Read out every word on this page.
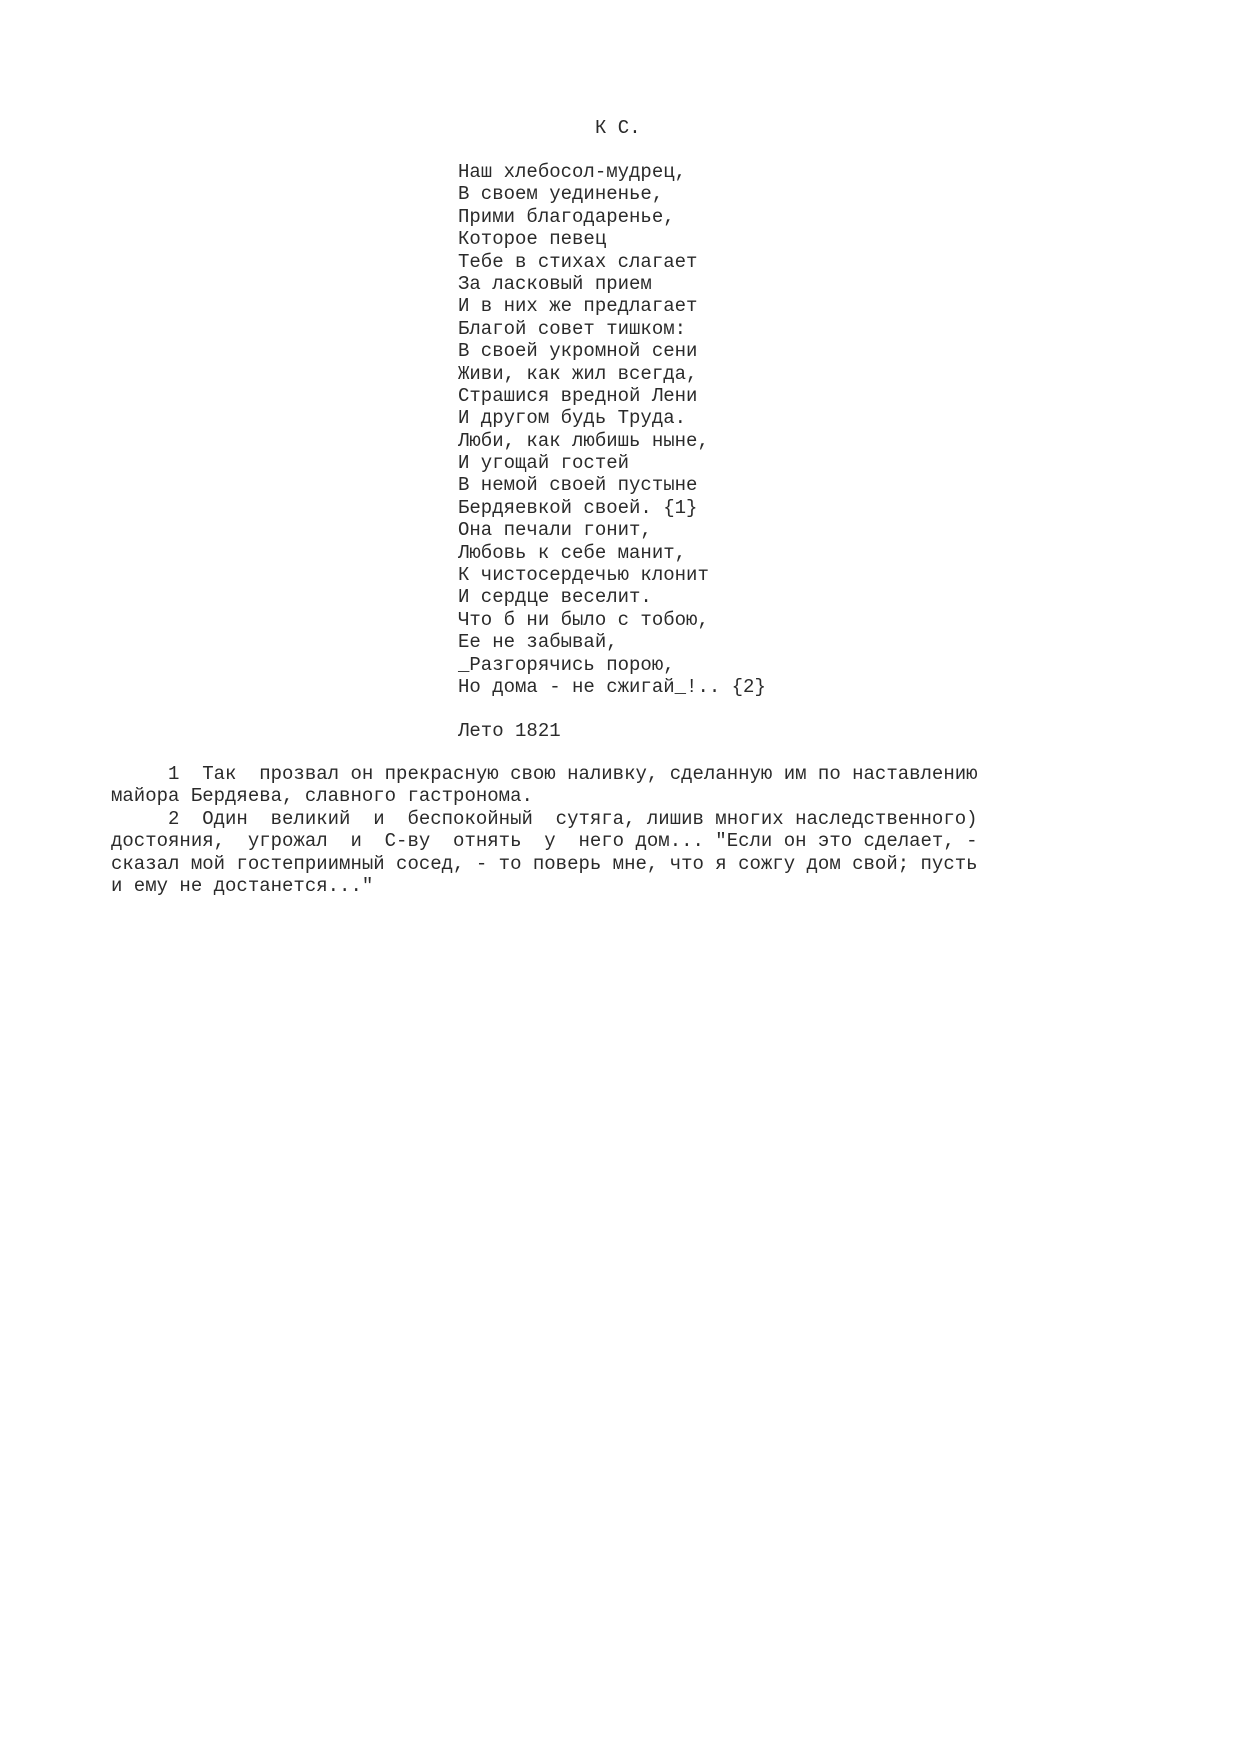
К С.
Наш хлебосол-мудрец,
В своем уединенье,
Прими благодаренье,
Которое певец
Тебе в стихах слагает
За ласковый прием
И в них же предлагает
Благой совет тишком:
В своей укромной сени
Живи, как жил всегда,
Страшися вредной Лени
И другом будь Труда.
Люби, как любишь ныне,
И угощай гостей
В немой своей пустыне
Бердяевкой своей. {1}
Она печали гонит,
Любовь к себе манит,
К чистосердечью клонит
И сердце веселит.
Что б ни было с тобою,
Ее не забывай,
_Разгорячись порою,
Но дома - не сжигай_!.. {2}
Лето 1821
1  Так  прозвал он прекрасную свою наливку, сделанную им по наставлению
майора Бердяева, славного гастронома.
2  Один  великий  и  беспокойный  сутяга, лишив многих наследственного)
достояния,  угрожал  и  С-ву  отнять  у  него дом... "Если он это сделает, -
сказал мой гостеприимный сосед, - то поверь мне, что я сожгу дом свой; пусть
и ему не достанется..."
